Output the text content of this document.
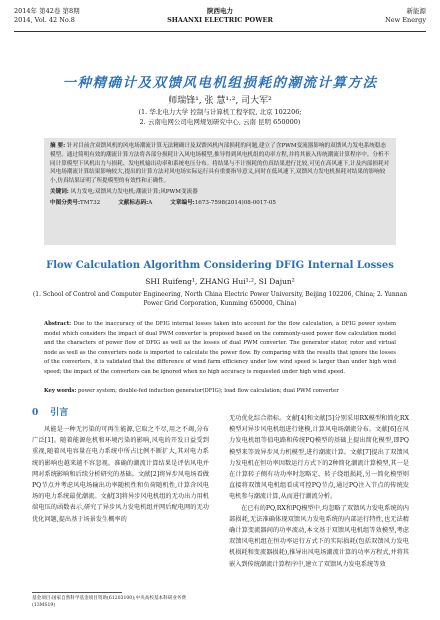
2014年 第42卷 第8期
2014, Vol. 42 No.8
陕西电力
SHAANXI ELECTRIC POWER
新能源
New Energy
一种精确计及双馈风电机组损耗的潮流计算方法
师瑞锋¹, 张 慧¹·², 司大军²
(1. 华北电力大学 控制与计算机工程学院, 北京 102206;
2. 云南电网公司电网规划研究中心, 云南 昆明 650000)

摘 要: 针对目前含双馈风机的风电场潮流计算无法精确计及双馈风机内部损耗的问题,建立了含PWM变流器影响的双馈风力发电系统稳态模型。通过简明有效的潮流计算方法将各部分损耗计入风电场模型,推导得到风电机组的功率方程,并将其嵌入传统潮流计算程序中。分析不同计算模型下风机出力与损耗、发电机输出功率和系统电压分布。将结果与不计损耗的仿真结果进行比较,可见在高风速下,计及内部损耗对风电场潮流计算结果影响较大,提出的计算方法对风电场实际运行具有重要指导意义,同时在低风速下,双馈风力发电机损耗对结果的影响较小,仿真结果证明了所提模型的有效性和正确性。

关键词: 风力发电;双馈风力发电机;潮流计算;风PWM变流器

中图分类号:TM732	文献标志码:A	文章编号:1673-7598(2014)08-0017-05
Flow Calculation Algorithm Considering DFIG Internal Losses
SHI Ruifeng¹, ZHANG Hui¹·², SI Dajun²
(1. School of Control and Computer Engineering, North China Electric Power University, Beijing 102206, China; 2. Yunnan Power Grid Corporation, Kunming 650000, China)
Abstract: Due to the inaccuracy of the DFIG internal losses taken into account for the flow calculation, a DFIG power system model which considers the impact of dual PWM converter is proposed based on the commonly-used power flow calculation model and the characters of power flow of DFIG as well as the losses of dual PWM converter. The generator stator, rotor and virtual node as well as the converters node is imported to calculate the power flow. By comparing with the results that ignore the losses of the converters, it is validated that the difference of wind farm efficiency under low wind speed is larger than under high wind speed; the impact of the converters can be ignored when no high accuracy is requested under high wind speed.
Key words: power system; double-fed induction generator(DFIG); load flow calculation; dual PWM converter
0 引言

风能是一种无污染的可再生能源,它取之不尽,用之不竭,分布广泛[1]。随着能源危机和环境污染的影响,风电的开发日益受到重视,随着风电容量在电力系统中所占比例不断扩大,其对电力系统的影响也越来越不容忽视。准确的潮流计算结果是评估风电并网对系统影响和后续分析研究的基础。文献[2]将异步风电场看做PQ节点并考虑风电场输出功率随机性和负荷随机性,计算含风电场的电力系统最优潮流。文献[3]将异步风电机组的无功出力用机端电压的函数表示,研究了异步风力发电机组并网后配电网的无功优化问题,提出基于场景发生概率的

无功优化综合指标。文献[4]和文献[5]分别采用RX模型和简化RX模型对异步风电机组进行建模,计算风电场潮流分布。文献[6]在风力发电机组等值电路和传统PQ模型的基础上提出简化模型,即PQ模型来等效异步风力机模型,进行潮流计算。文献[7]提出了双馈风力发电机在恒功率因数运行方式下的2种简化潮流计算模型,其一是在计算转子侧有功功率时忽略定、转子绕组损耗,另一简化模型则直接将双馈风电机组看成可控PQ节点,通过PQ注入节点的传统发电机参与潮流计算,从而进行潮流分析。

在已有的PQ,RX和PQ模型中,均忽略了双馈风力发电系统的内部损耗,无法准确体现双馈风力发电系统的内部运行特性,也无法精确计算变流器间的功率流动,本文基于双馈风电机组等效模型,考虑双馈风电机组在恒功率运行方式下的实际损耗(包括双馈风力发电机损耗和变流器损耗),推导出风电场潮流计算的功率方程式,并将其嵌入到传统潮流计算程序中,建立了双馈风力发电系统等效

基金项目:国家自然科学基金项目资助(61203100);中央高校基本科研业务费(13MS19)
